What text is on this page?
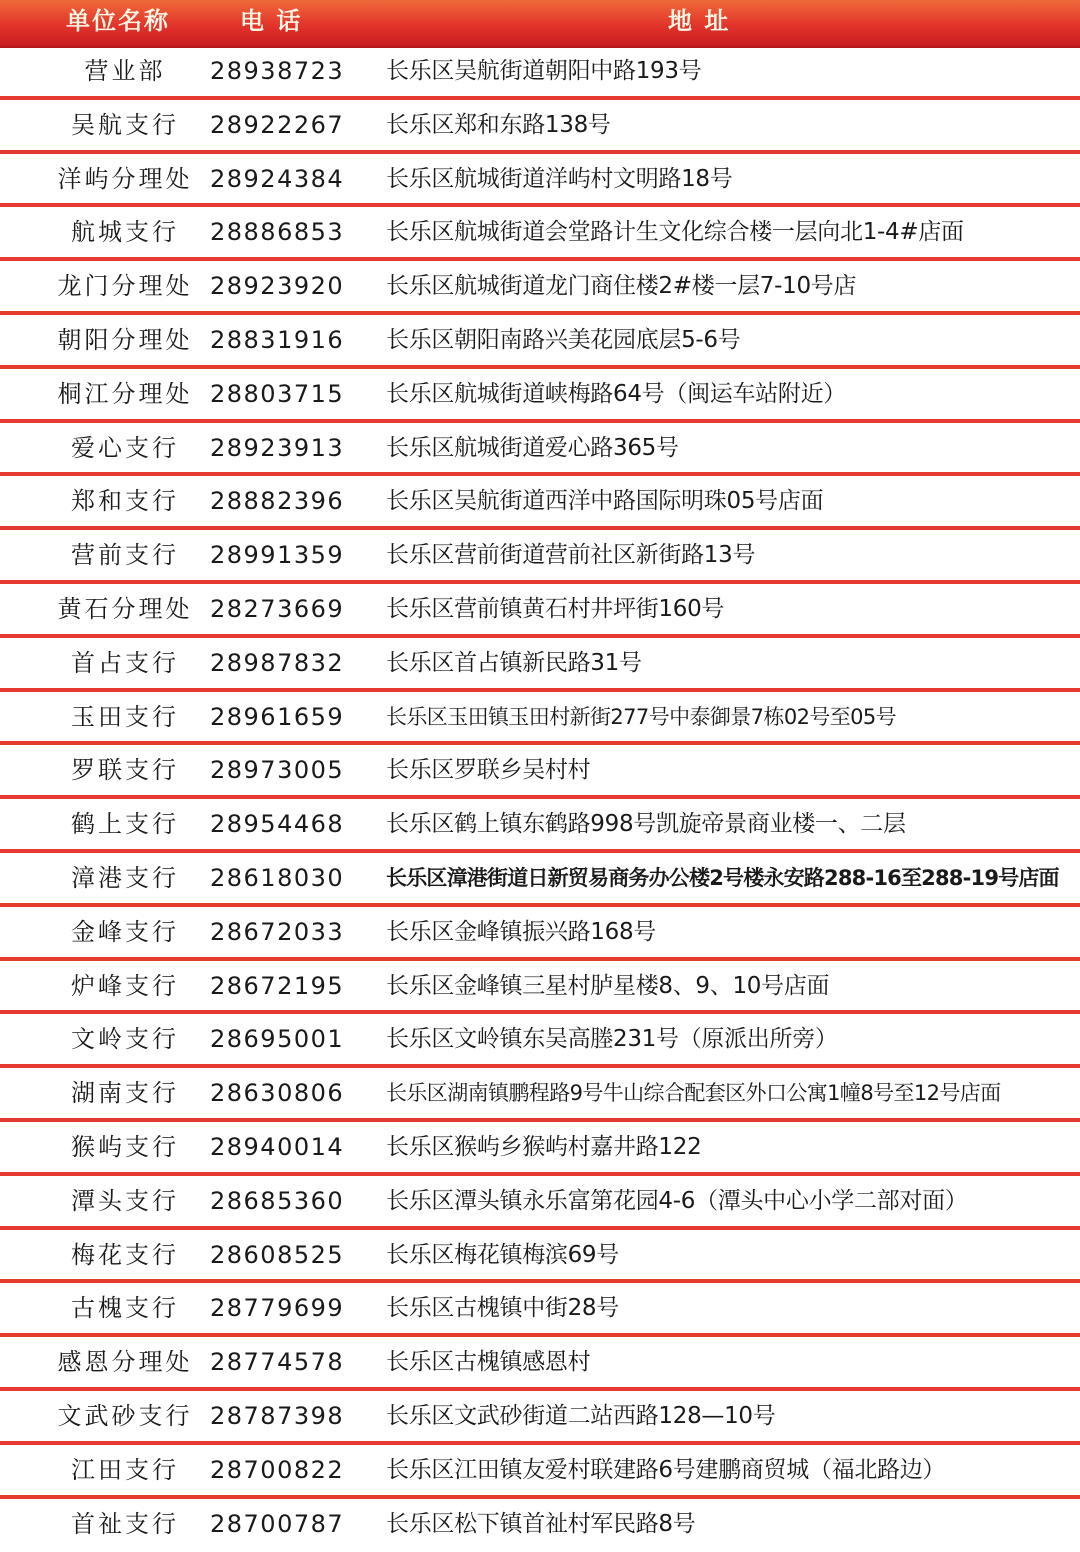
单位名称	电 话	地 址
营业部	28938723 长乐区吴航街道朝阳中路193号
吴航支行	28922267 长乐区郑和东路138号
洋屿分理处 28924384 长乐区航城街道洋屿村文明路18号
航城支行	28886853 长乐区航城街道会堂路计生文化综合楼一层向北1-4#店面
龙门分理处 28923920 长乐区航城街道龙门商住楼2#楼一层7-10号店
朝阳分理处 28831916 长乐区朝阳南路兴美花园底层5-6号
桐江分理处 28803715 长乐区航城街道峡梅路64号（闽运车站附近）
爱心支行	28923913 长乐区航城街道爱心路365号
郑和支行	28882396 长乐区吴航街道西洋中路国际明珠05号店面
营前支行	28991359 长乐区营前街道营前社区新街路13号
黄石分理处 28273669 长乐区营前镇黄石村井坪街160号
首占支行	28987832 长乐区首占镇新民路31号
玉田支行	28961659 长乐区玉田镇玉田村新街277号中泰御景7栋02号至05号
罗联支行	28973005 长乐区罗联乡吴村村
鹤上支行	28954468 长乐区鹤上镇东鹤路998号凯旋帝景商业楼一、二层
漳港支行	28618030 长乐区漳港街道日新贸易商务办公楼2号楼永安路288-16至288-19号店面
金峰支行	28672033 长乐区金峰镇振兴路168号
炉峰支行	28672195 长乐区金峰镇三星村胪星楼8、9、10号店面
文岭支行	28695001 长乐区文岭镇东吴高塍231号（原派出所旁）
湖南支行	28630806 长乐区湖南镇鹏程路9号牛山综合配套区外口公寓1幢8号至12号店面
猴屿支行	28940014 长乐区猴屿乡猴屿村嘉井路122
潭头支行	28685360 长乐区潭头镇永乐富第花园4-6（潭头中心小学二部对面）
梅花支行	28608525 长乐区梅花镇梅滨69号
古槐支行	28779699 长乐区古槐镇中街28号
感恩分理处 28774578 长乐区古槐镇感恩村
文武砂支行 28787398 长乐区文武砂街道二站西路128—10号
江田支行	28700822 长乐区江田镇友爱村联建路6号建鹏商贸城（福北路边）
首祉支行	28700787 长乐区松下镇首祉村军民路8号
